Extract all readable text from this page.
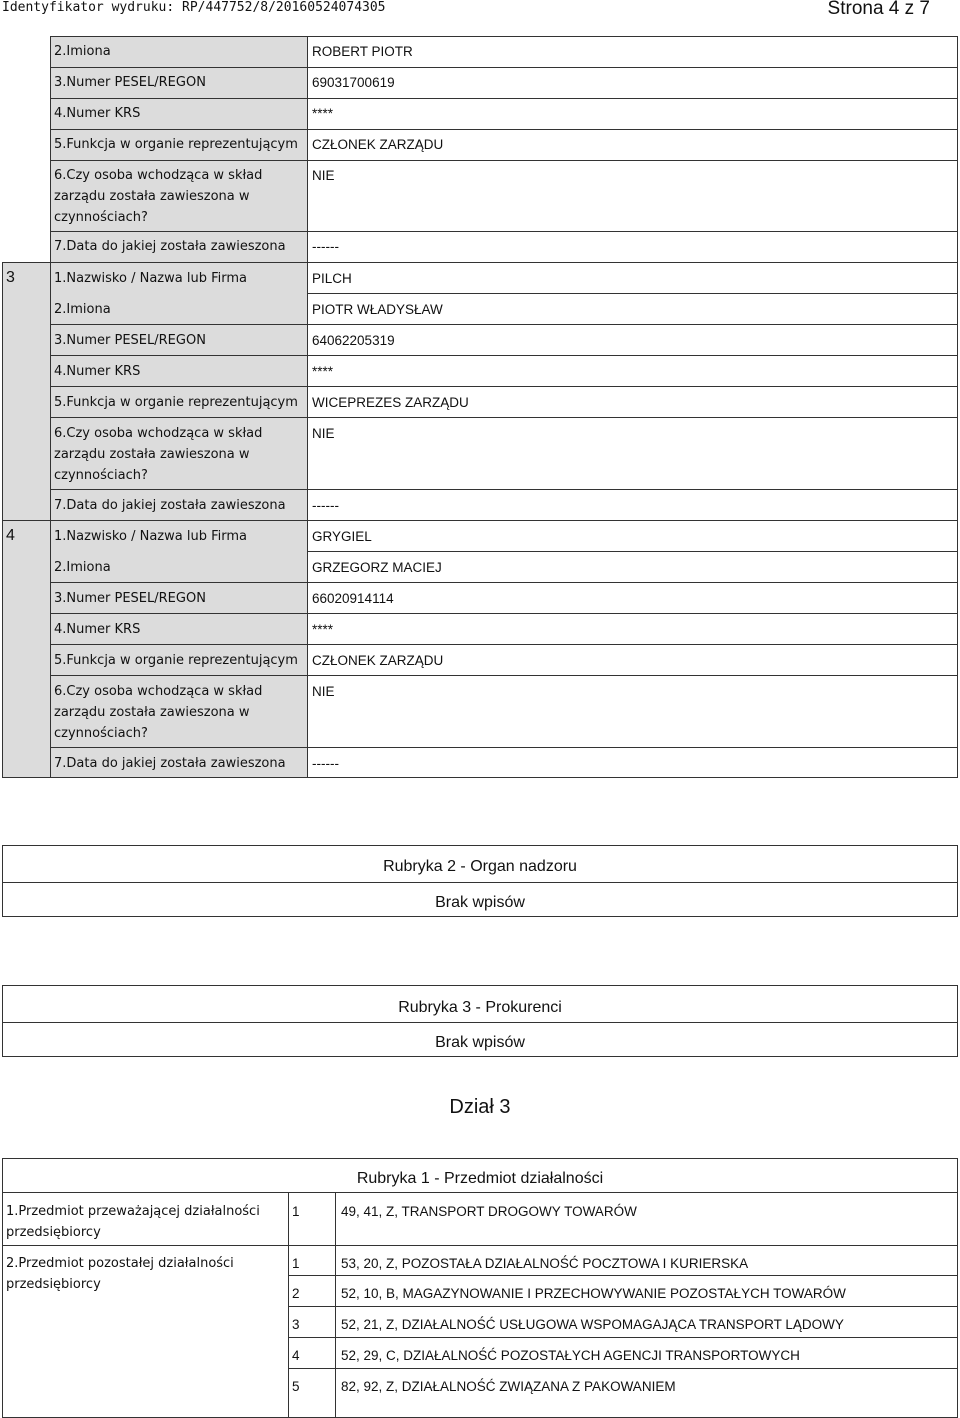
Identyfikator wydruku: RP/447752/8/20160524074305	Strona 4 z 7
2.Imiona	ROBERT PIOTR
3.Numer PESEL/REGON	69031700619
4.Numer KRS	****
5.Funkcja w organie reprezentującym CZŁONEK ZARZĄDU
6.Czy osoba wchodząca w skład
zarządu została zawieszona w
czynnościach?
NIE
7.Data do jakiej została zawieszona ------
3	1.Nazwisko / Nazwa lub Firma	PILCH
2.Imiona	PIOTR WŁADYSŁAW
3.Numer PESEL/REGON	64062205319
4.Numer KRS	****
5.Funkcja w organie reprezentującym WICEPREZES ZARZĄDU
6.Czy osoba wchodząca w skład
zarządu została zawieszona w
czynnościach?
NIE
7.Data do jakiej została zawieszona ------
4	1.Nazwisko / Nazwa lub Firma	GRYGIEL
2.Imiona	GRZEGORZ MACIEJ
3.Numer PESEL/REGON	66020914114
4.Numer KRS	****
5.Funkcja w organie reprezentującym CZŁONEK ZARZĄDU
6.Czy osoba wchodząca w skład
zarządu została zawieszona w
czynnościach?
NIE
7.Data do jakiej została zawieszona ------
Rubryka 2 - Organ nadzoru
Brak wpisów
Rubryka 3 - Prokurenci
Brak wpisów
Dział 3
Rubryka 1 - Przedmiot działalności
1.Przedmiot przeważającej działalności
przedsiębiorcy
1	49, 41, Z, TRANSPORT DROGOWY TOWARÓW
2.Przedmiot pozostałej działalności
przedsiębiorcy
1	53, 20, Z, POZOSTAŁA DZIAŁALNOŚĆ POCZTOWA I KURIERSKA
2	52, 10, B, MAGAZYNOWANIE I PRZECHOWYWANIE POZOSTAŁYCH TOWARÓW
3	52, 21, Z, DZIAŁALNOŚĆ USŁUGOWA WSPOMAGAJĄCA TRANSPORT LĄDOWY
4	52, 29, C, DZIAŁALNOŚĆ POZOSTAŁYCH AGENCJI TRANSPORTOWYCH
5	82, 92, Z, DZIAŁALNOŚĆ ZWIĄZANA Z PAKOWANIEM
